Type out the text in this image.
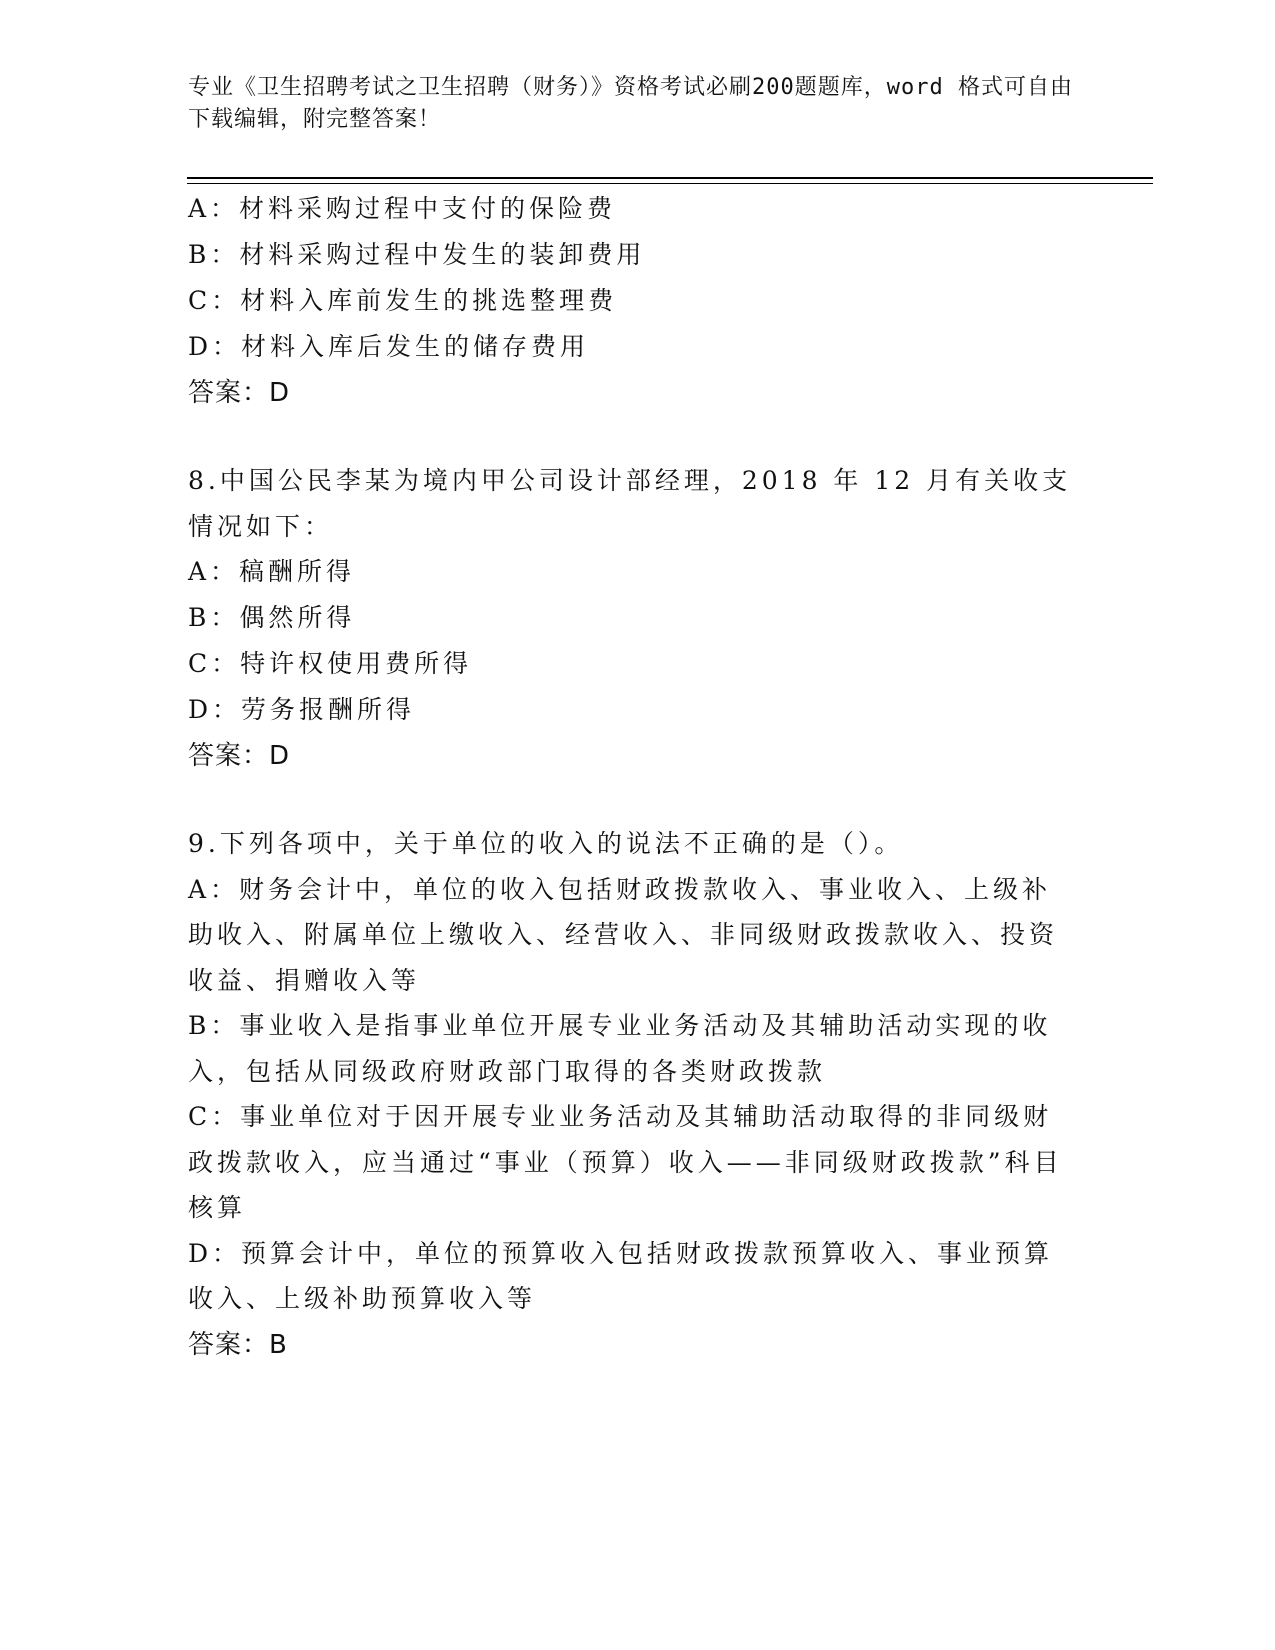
专业《卫生招聘考试之卫生招聘（财务）》资格考试必刷200题题库，word 格式可自由下载编辑，附完整答案！
A：材料采购过程中支付的保险费
B：材料采购过程中发生的装卸费用
C：材料入库前发生的挑选整理费
D：材料入库后发生的储存费用
答案：D
8.中国公民李某为境内甲公司设计部经理，2018 年 12 月有关收支情况如下：
A：稿酬所得
B：偶然所得
C：特许权使用费所得
D：劳务报酬所得
答案：D
9.下列各项中，关于单位的收入的说法不正确的是（）。
A：财务会计中，单位的收入包括财政拨款收入、事业收入、上级补助收入、附属单位上缴收入、经营收入、非同级财政拨款收入、投资收益、捐赠收入等
B：事业收入是指事业单位开展专业业务活动及其辅助活动实现的收入，包括从同级政府财政部门取得的各类财政拨款
C：事业单位对于因开展专业业务活动及其辅助活动取得的非同级财政拨款收入，应当通过“事业（预算）收入——非同级财政拨款”科目核算
D：预算会计中，单位的预算收入包括财政拨款预算收入、事业预算收入、上级补助预算收入等
答案：B
